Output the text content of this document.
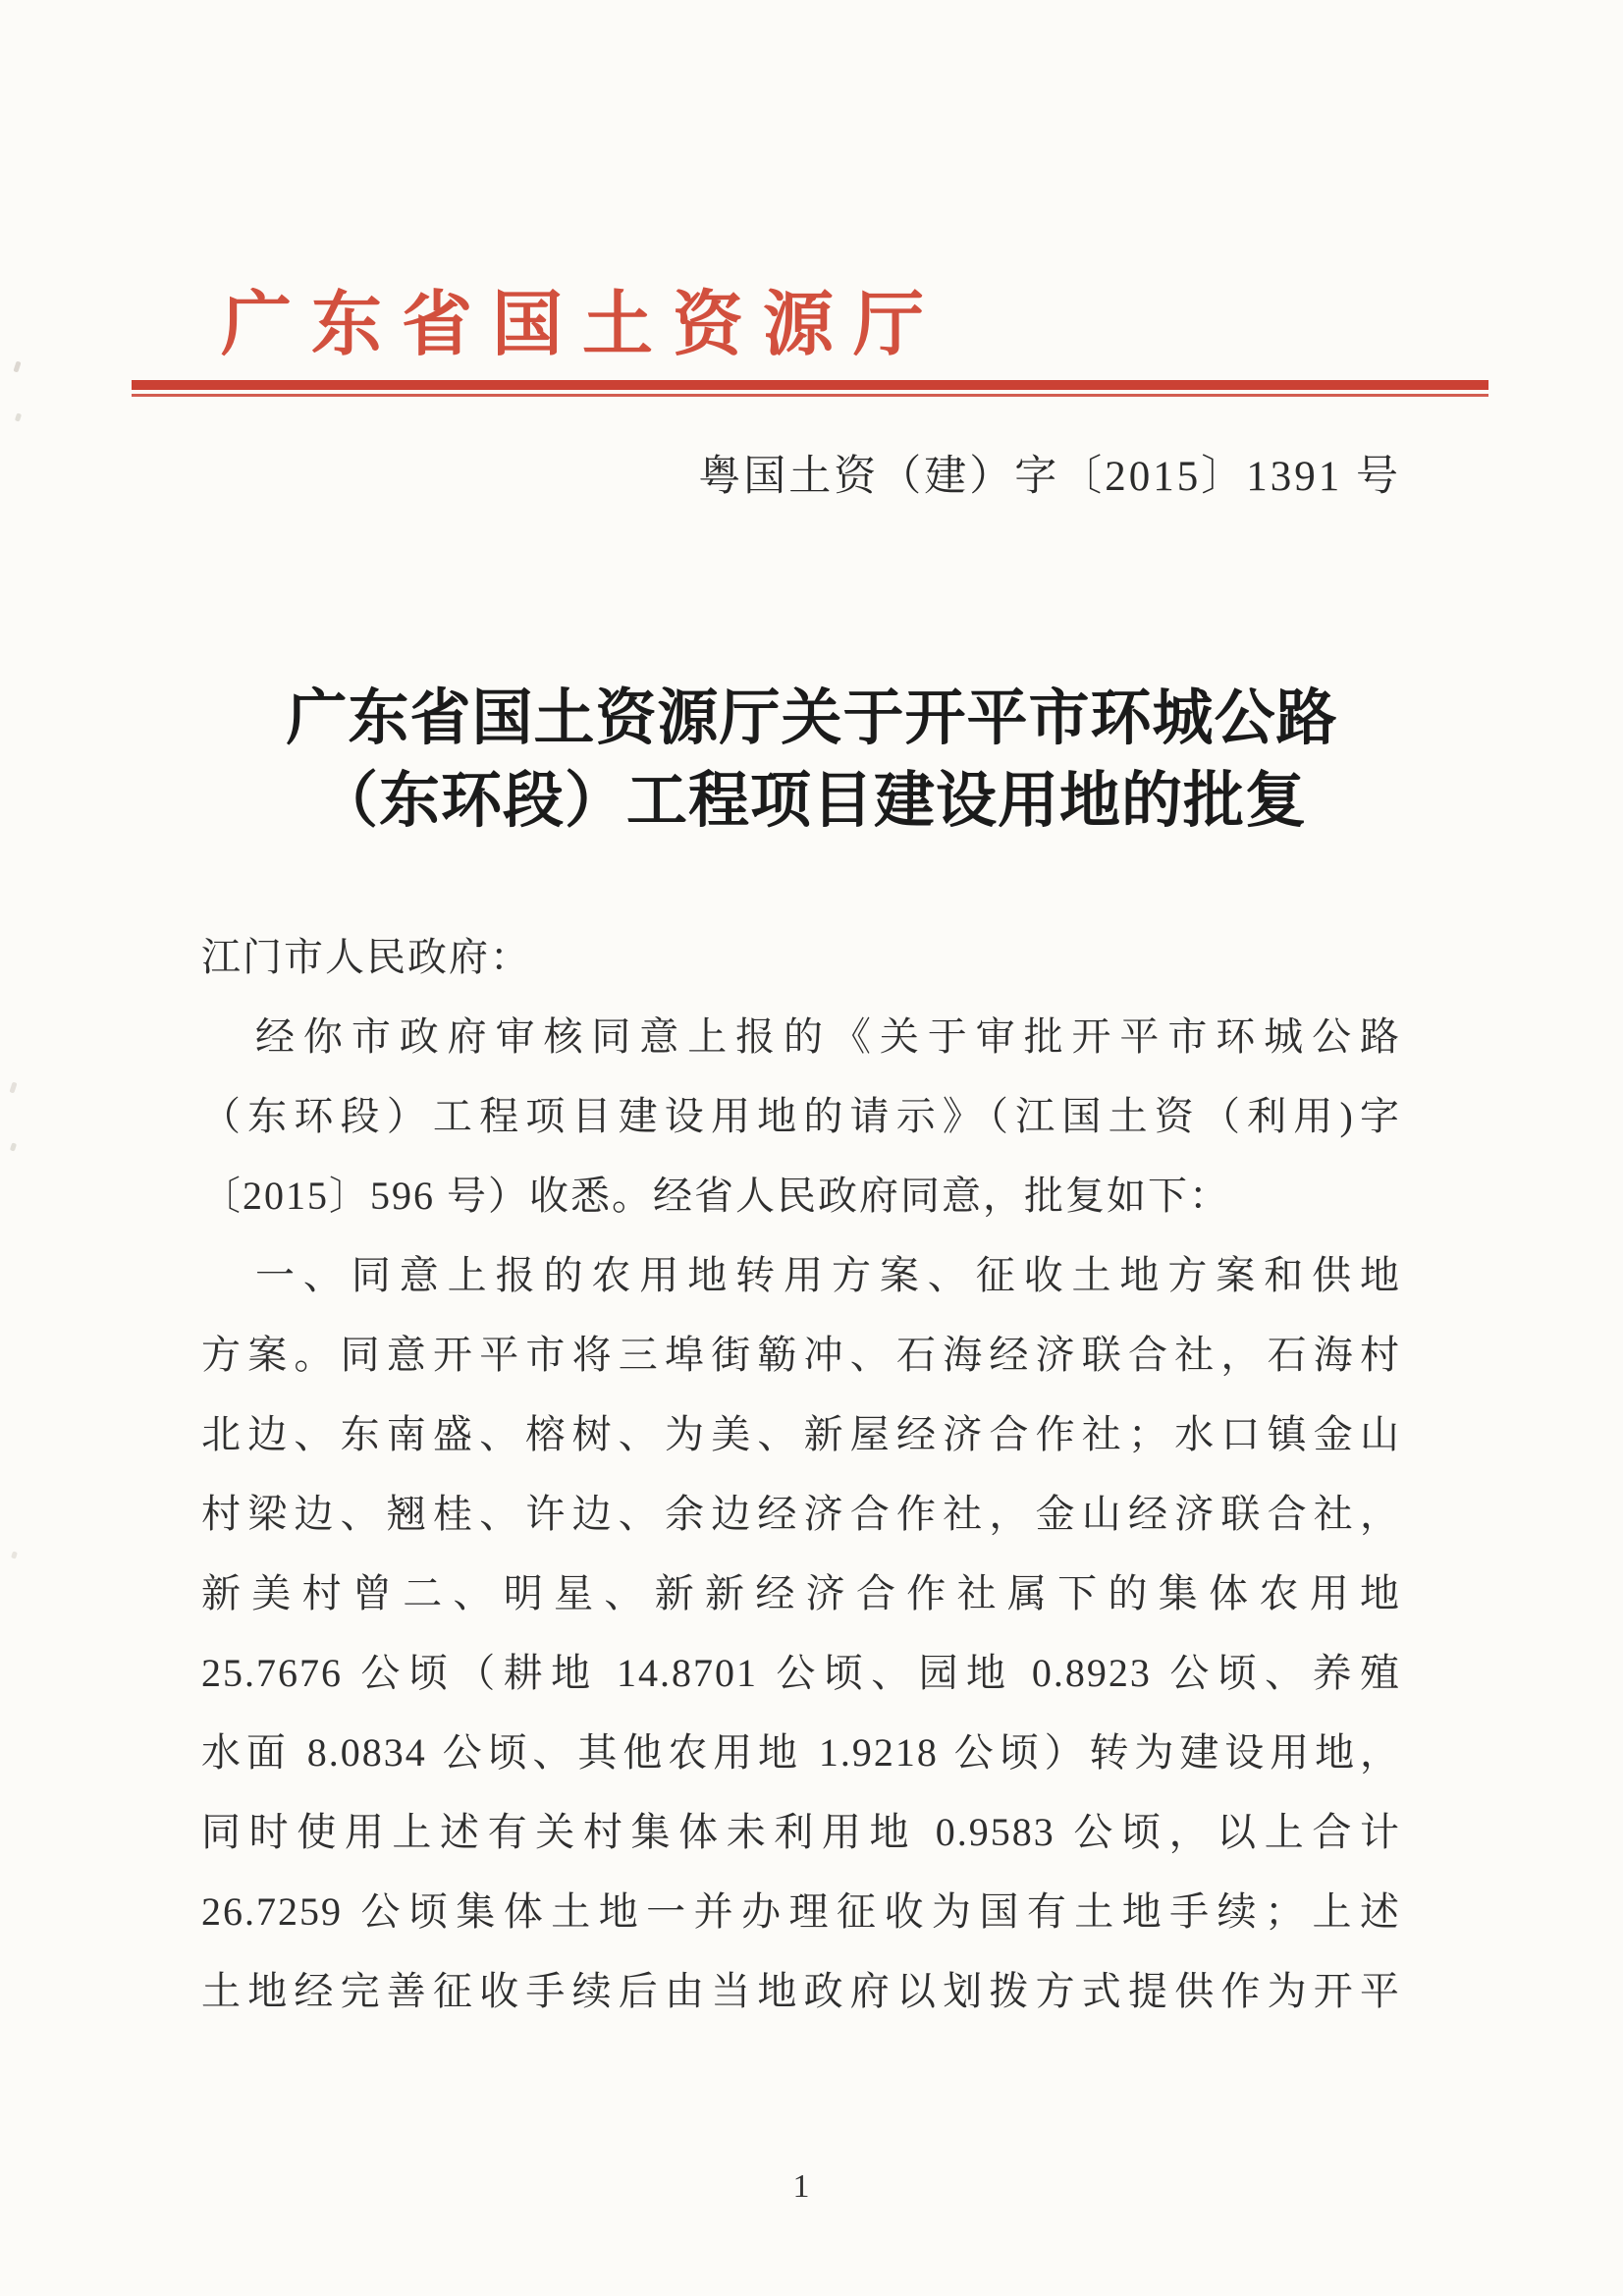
广 东 省 国 土 资 源 厅
粤国土资（建）字〔2015〕1391 号
广东省国土资源厅关于开平市环城公路
（东环段）工程项目建设用地的批复
江门市人民政府：
经你市政府审核同意上报的《关于审批开平市环城公路
（东环段）工程项目建设用地的请示》（江国土资（利用)字
〔2015〕596 号）收悉。经省人民政府同意，批复如下：
一、同意上报的农用地转用方案、征收土地方案和供地
方案。同意开平市将三埠街簕冲、石海经济联合社，石海村
北边、东南盛、榕树、为美、新屋经济合作社；水口镇金山
村梁边、翘桂、许边、余边经济合作社，金山经济联合社，
新美村曾二、明星、新新经济合作社属下的集体农用地
25.7676 公顷（耕地 14.8701 公顷、园地 0.8923 公顷、养殖
水面 8.0834 公顷、其他农用地 1.9218 公顷）转为建设用地，
同时使用上述有关村集体未利用地 0.9583 公顷，以上合计
26.7259 公顷集体土地一并办理征收为国有土地手续；上述
土地经完善征收手续后由当地政府以划拨方式提供作为开平
1
